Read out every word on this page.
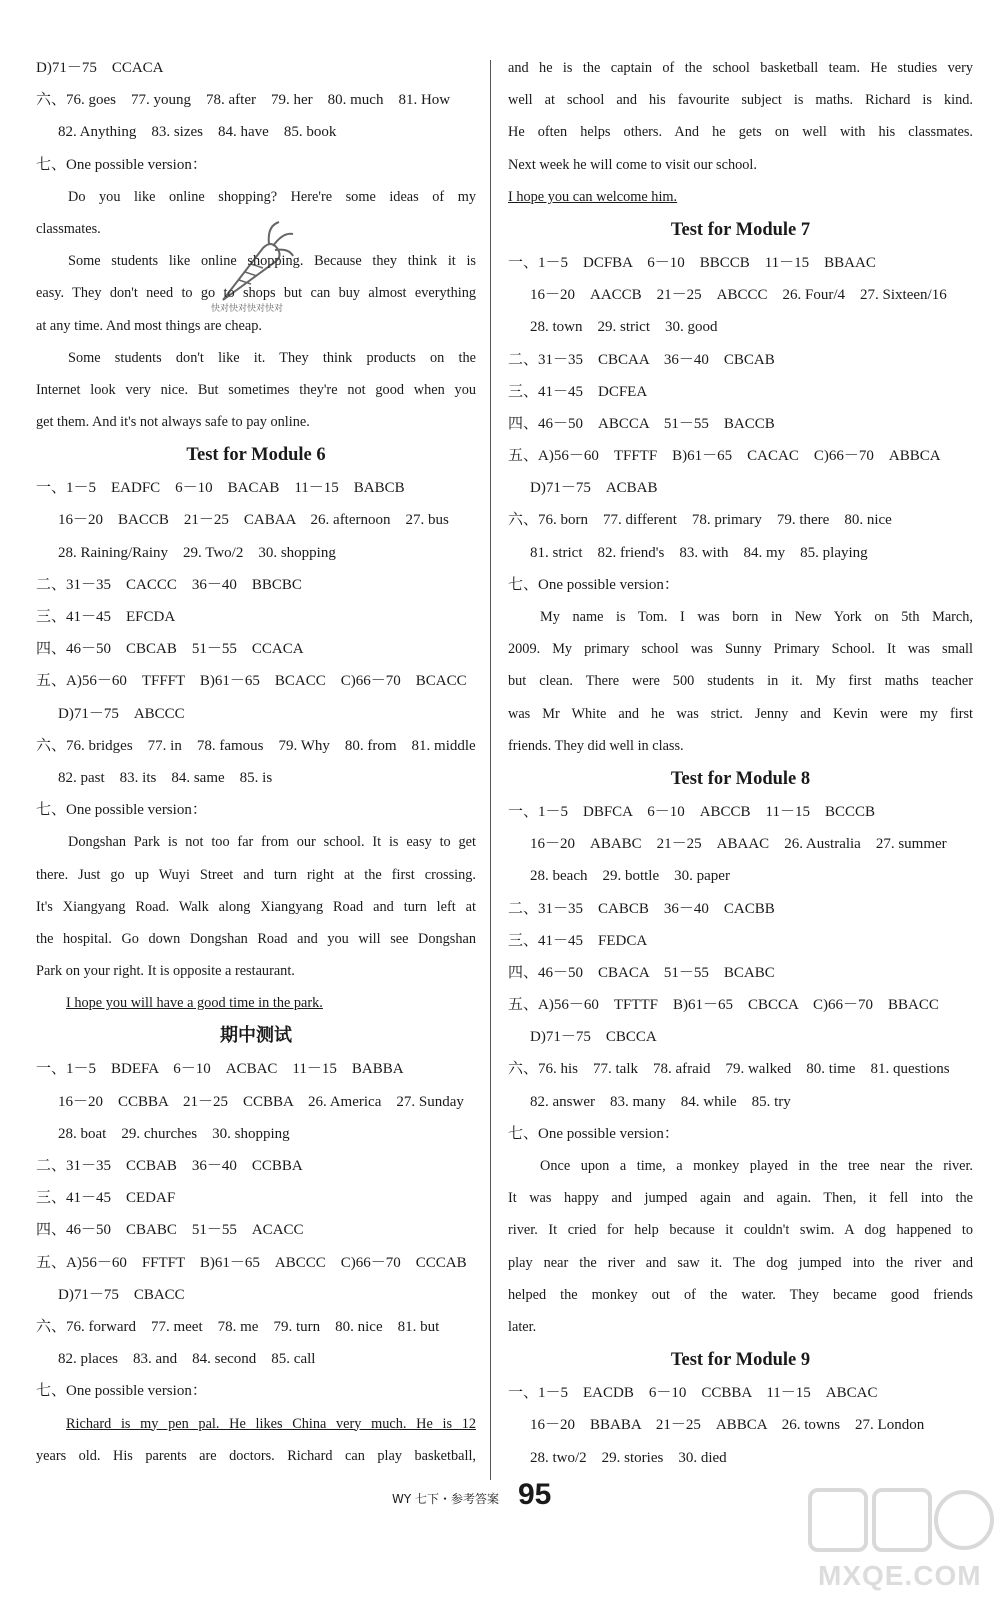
D)71－75　CCACA
六、76. goes　77. young　78. after　79. her　80. much　81. How
82. Anything　83. sizes　84. have　85. book
七、One possible version：
Do you like online shopping? Here're some ideas of my
classmates.
Some students like online shopping. Because they think it is
easy. They don't need to go to shops but can buy almost everything
at any time. And most things are cheap.
Some students don't like it. They think products on the
Internet look very nice. But sometimes they're not good when you
get them. And it's not always safe to pay online.
Test for Module 6
一、1－5　EADFC　6－10　BACAB　11－15　BABCB
16－20　BACCB　21－25　CABAA　26. afternoon　27. bus
28. Raining/Rainy　29. Two/2　30. shopping
二、31－35　CACCC　36－40　BBCBC
三、41－45　EFCDA
四、46－50　CBCAB　51－55　CCACA
五、A)56－60　TFFFT　B)61－65　BCACC　C)66－70　BCACC
D)71－75　ABCCC
六、76. bridges　77. in　78. famous　79. Why　80. from　81. middle
82. past　83. its　84. same　85. is
七、One possible version：
Dongshan Park is not too far from our school. It is easy to get
there. Just go up Wuyi Street and turn right at the first crossing.
It's Xiangyang Road. Walk along Xiangyang Road and turn left at
the hospital. Go down Dongshan Road and you will see Dongshan
Park on your right. It is opposite a restaurant.
I hope you will have a good time in the park.
期中测试
一、1－5　BDEFA　6－10　ACBAC　11－15　BABBA
16－20　CCBBA　21－25　CCBBA　26. America　27. Sunday
28. boat　29. churches　30. shopping
二、31－35　CCBAB　36－40　CCBBA
三、41－45　CEDAF
四、46－50　CBABC　51－55　ACACC
五、A)56－60　FFTFT　B)61－65　ABCCC　C)66－70　CCCAB
D)71－75　CBACC
六、76. forward　77. meet　78. me　79. turn　80. nice　81. but
82. places　83. and　84. second　85. call
七、One possible version：
Richard is my pen pal. He likes China very much. He is 12
years old. His parents are doctors. Richard can play basketball,
and he is the captain of the school basketball team. He studies very
well at school and his favourite subject is maths. Richard is kind.
He often helps others. And he gets on well with his classmates.
Next week he will come to visit our school.
I hope you can welcome him.
Test for Module 7
一、1－5　DCFBA　6－10　BBCCB　11－15　BBAAC
16－20　AACCB　21－25　ABCCC　26. Four/4　27. Sixteen/16
28. town　29. strict　30. good
二、31－35　CBCAA　36－40　CBCAB
三、41－45　DCFEA
四、46－50　ABCCA　51－55　BACCB
五、A)56－60　TFFTF　B)61－65　CACAC　C)66－70　ABBCA
D)71－75　ACBAB
六、76. born　77. different　78. primary　79. there　80. nice
81. strict　82. friend's　83. with　84. my　85. playing
七、One possible version：
My name is Tom. I was born in New York on 5th March,
2009. My primary school was Sunny Primary School. It was small
but clean. There were 500 students in it. My first maths teacher
was Mr White and he was strict. Jenny and Kevin were my first
friends. They did well in class.
Test for Module 8
一、1－5　DBFCA　6－10　ABCCB　11－15　BCCCB
16－20　ABABC　21－25　ABAAC　26. Australia　27. summer
28. beach　29. bottle　30. paper
二、31－35　CABCB　36－40　CACBB
三、41－45　FEDCA
四、46－50　CBACA　51－55　BCABC
五、A)56－60　TFTTF　B)61－65　CBCCA　C)66－70　BBACC
D)71－75　CBCCA
六、76. his　77. talk　78. afraid　79. walked　80. time　81. questions
82. answer　83. many　84. while　85. try
七、One possible version：
Once upon a time, a monkey played in the tree near the river.
It was happy and jumped again and again. Then, it fell into the
river. It cried for help because it couldn't swim. A dog happened to
play near the river and saw it. The dog jumped into the river and
helped the monkey out of the water. They became good friends
later.
Test for Module 9
一、1－5　EACDB　6－10　CCBBA　11－15　ABCAC
16－20　BBABA　21－25　ABBCA　26. towns　27. London
28. two/2　29. stories　30. died
快对快对快对快对
WY 七下・参考答案 95
MXQE.COM
